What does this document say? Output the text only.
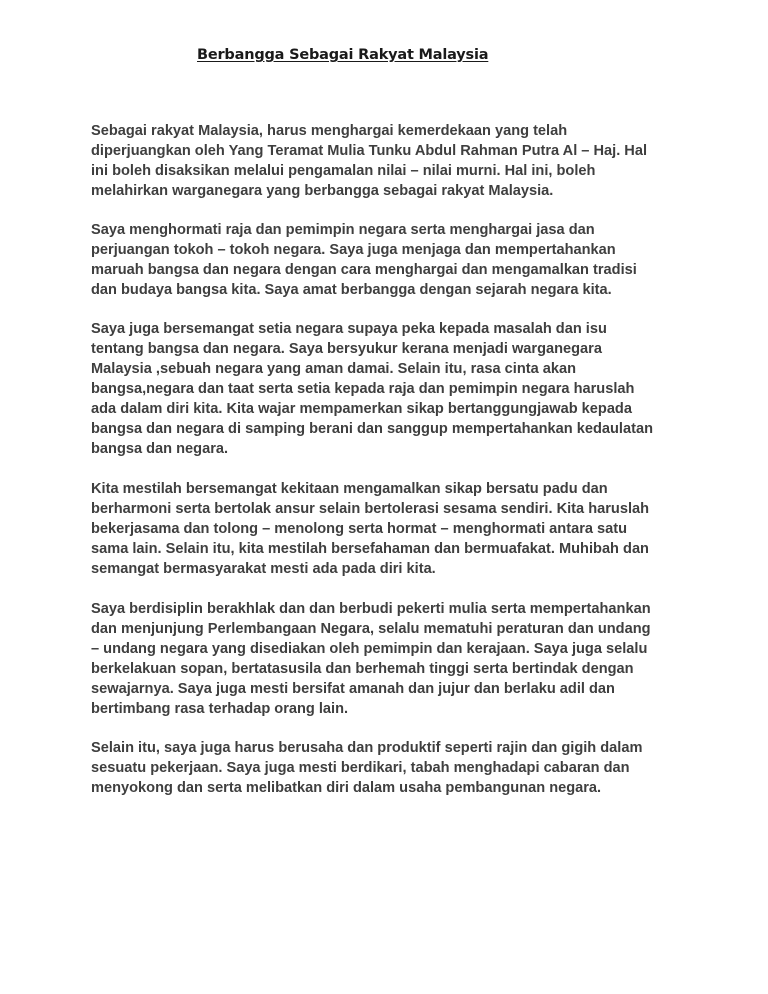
Berbangga Sebagai Rakyat Malaysia
Sebagai rakyat Malaysia, harus menghargai kemerdekaan yang telah
diperjuangkan oleh Yang Teramat Mulia Tunku Abdul Rahman Putra Al – Haj. Hal
ini boleh disaksikan melalui pengamalan nilai – nilai murni. Hal ini, boleh
melahirkan warganegara yang berbangga sebagai rakyat Malaysia.
Saya menghormati raja dan pemimpin negara serta menghargai jasa dan
perjuangan tokoh – tokoh negara. Saya juga menjaga dan mempertahankan
maruah bangsa dan negara dengan cara menghargai dan mengamalkan tradisi
dan budaya bangsa kita. Saya amat berbangga dengan sejarah negara kita.
Saya juga bersemangat setia negara supaya peka kepada masalah dan isu
tentang bangsa dan negara. Saya bersyukur kerana menjadi warganegara
Malaysia ,sebuah negara yang aman damai. Selain itu, rasa cinta akan
bangsa,negara dan taat serta setia kepada raja dan pemimpin negara haruslah
ada dalam diri kita. Kita wajar mempamerkan sikap bertanggungjawab kepada
bangsa dan negara di samping berani dan sanggup mempertahankan kedaulatan
bangsa dan negara.
Kita mestilah bersemangat kekitaan mengamalkan sikap bersatu padu dan
berharmoni serta bertolak ansur selain bertolerasi sesama sendiri. Kita haruslah
bekerjasama dan tolong – menolong serta hormat – menghormati antara satu
sama lain. Selain itu, kita mestilah bersefahaman dan bermuafakat. Muhibah dan
semangat bermasyarakat mesti ada pada diri kita.
Saya berdisiplin berakhlak dan dan berbudi pekerti mulia serta mempertahankan
dan menjunjung Perlembangaan Negara, selalu mematuhi peraturan dan undang
– undang negara yang disediakan oleh pemimpin dan kerajaan. Saya juga selalu
berkelakuan sopan, bertatasusila dan berhemah tinggi serta bertindak dengan
sewajarnya. Saya juga mesti bersifat amanah dan jujur dan berlaku adil dan
bertimbang rasa terhadap orang lain.
Selain itu, saya juga harus berusaha dan produktif seperti rajin dan gigih dalam
sesuatu pekerjaan. Saya juga mesti berdikari, tabah menghadapi cabaran dan
menyokong dan serta melibatkan diri dalam usaha pembangunan negara.
